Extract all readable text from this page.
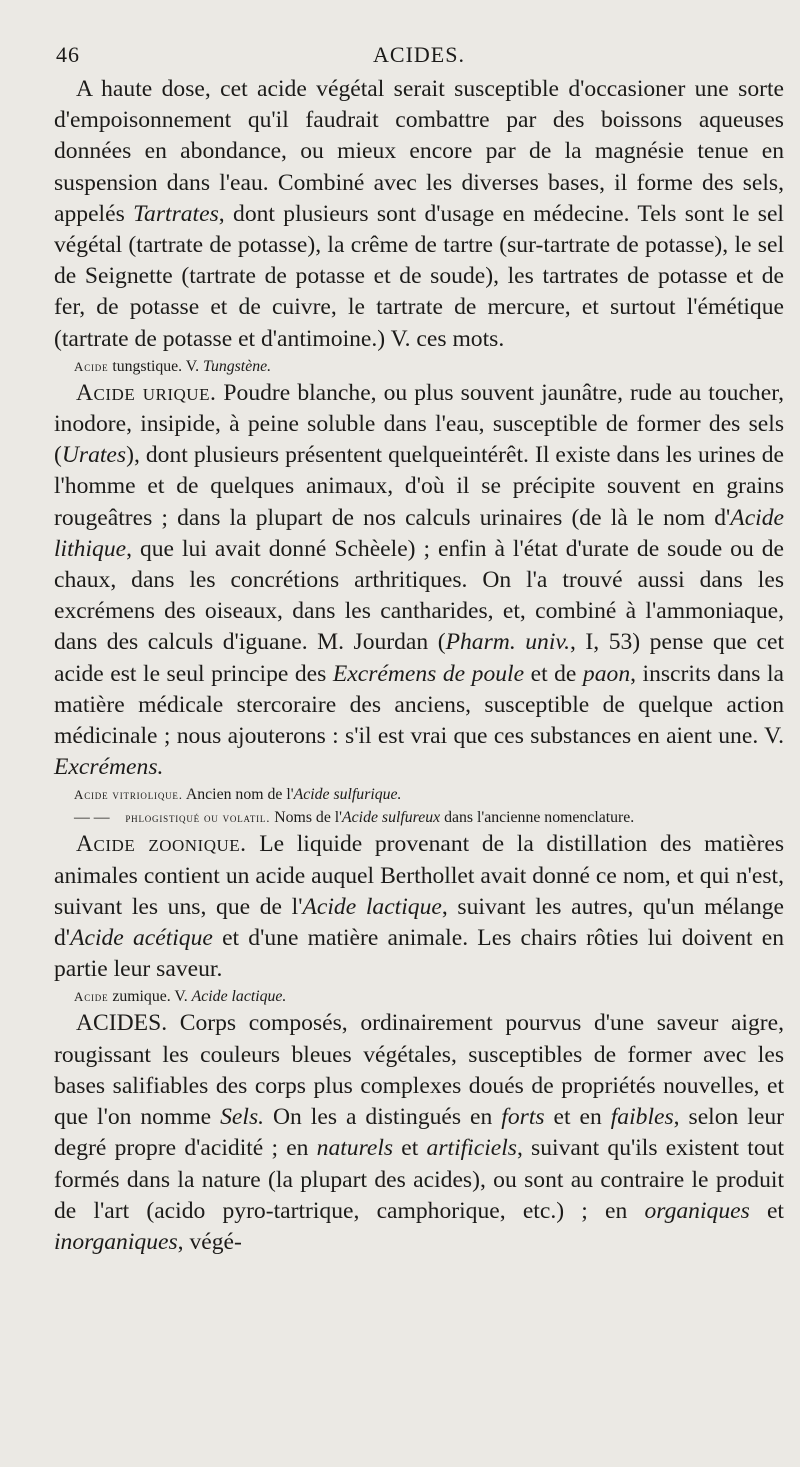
46	ACIDES.

A haute dose, cet acide végétal serait susceptible d'occasioner une sorte d'empoisonnement qu'il faudrait combattre par des boissons aqueuses données en abondance, ou mieux encore par de la magnésie tenue en suspension dans l'eau. Combiné avec les diverses bases, il forme des sels, appelés Tartrates, dont plusieurs sont d'usage en médecine. Tels sont le sel végétal (tartrate de potasse), la crême de tartre (sur-tartrate de potasse), le sel de Seignette (tartrate de potasse et de soude), les tartrates de potasse et de fer, de potasse et de cuivre, le tartrate de mercure, et surtout l'émétique (tartrate de potasse et d'antimoine.) V. ces mots.

Acide tungstique. V. Tungstène.

Acide urique. Poudre blanche, ou plus souvent jaunâtre, rude au toucher, inodore, insipide, à peine soluble dans l'eau, susceptible de former des sels (Urates), dont plusieurs présentent quelqueintérêt. Il existe dans les urines de l'homme et de quelques animaux, d'où il se précipite souvent en grains rougeâtres ; dans la plupart de nos calculs urinaires (de là le nom d'Acide lithique, que lui avait donné Schèele) ; enfin à l'état d'urate de soude ou de chaux, dans les concrétions arthritiques. On l'a trouvé aussi dans les excrémens des oiseaux, dans les cantharides, et, combiné à l'ammoniaque, dans des calculs d'iguane. M. Jourdan (Pharm. univ., I, 53) pense que cet acide est le seul principe des Excrémens de poule et de paon, inscrits dans la matière médicale stercoraire des anciens, susceptible de quelque action médicinale ; nous ajouterons : s'il est vrai que ces substances en aient une. V. Excrémens.

Acide vitriolique. Ancien nom de l'Acide sulfurique.

— — phlogistiqué ou volatil. Noms de l'Acide sulfureux dans l'ancienne nomenclature.

Acide zoonique. Le liquide provenant de la distillation des matières animales contient un acide auquel Berthollet avait donné ce nom, et qui n'est, suivant les uns, que de l'Acide lactique, suivant les autres, qu'un mélange d'Acide acétique et d'une matière animale. Les chairs rôties lui doivent en partie leur saveur.

Acide zumique. V. Acide lactique.

ACIDES. Corps composés, ordinairement pourvus d'une saveur aigre, rougissant les couleurs bleues végétales, susceptibles de former avec les bases salifiables des corps plus complexes doués de propriétés nouvelles, et que l'on nomme Sels. On les a distingués en forts et en faibles, selon leur degré propre d'acidité ; en naturels et artificiels, suivant qu'ils existent tout formés dans la nature (la plupart des acides), ou sont au contraire le produit de l'art (acido pyro-tartrique, camphorique, etc.) ; en organiques et inorganiques, végé-
